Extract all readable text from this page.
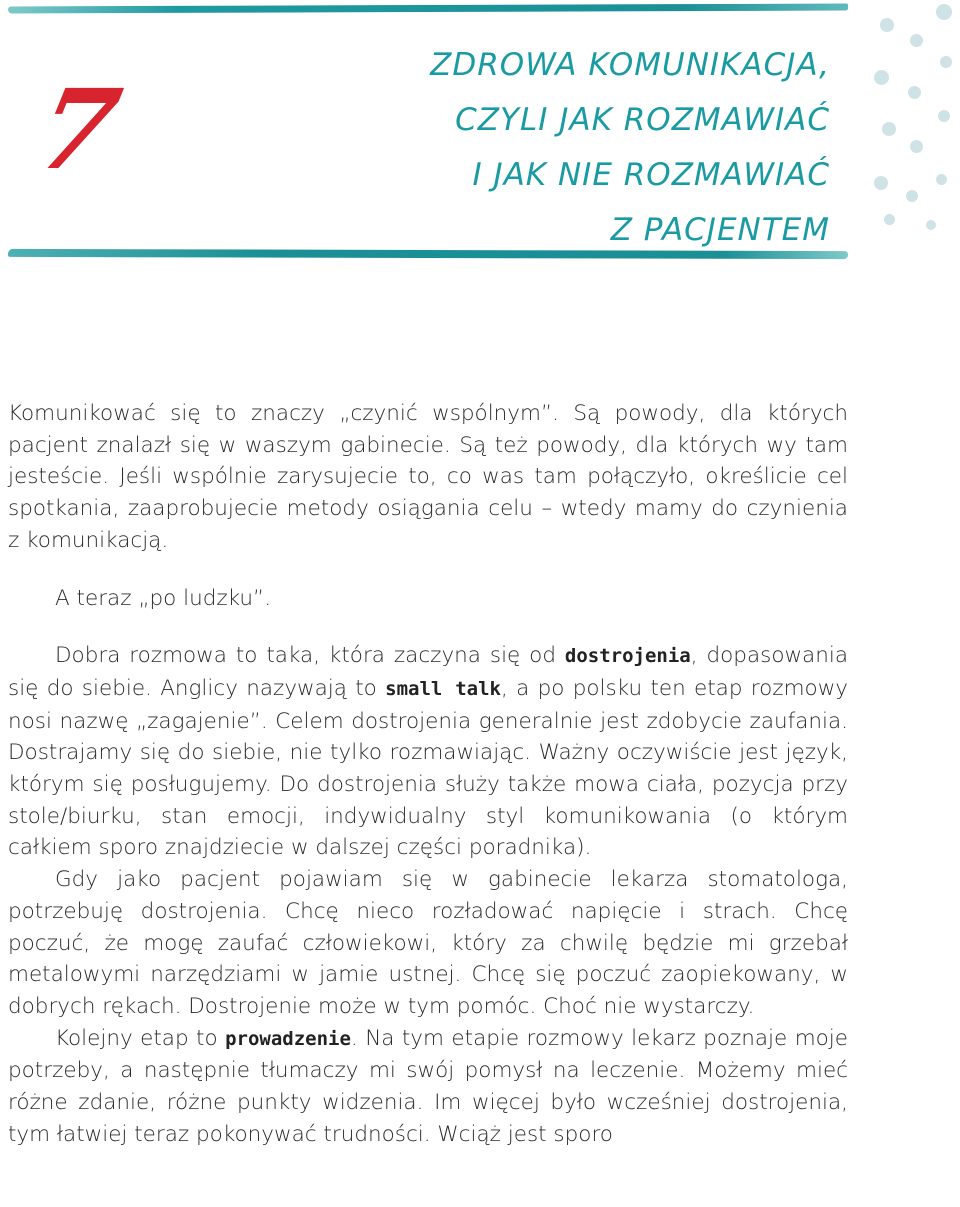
7	ZDROWA KOMUNIKACJA,
CZYLI JAK ROZMAWIAĆ
I JAK NIE ROZMAWIAĆ
Z PACJENTEM

Komunikować się to znaczy „czynić wspólnym”. Są powody, dla których pacjent znalazł się w waszym gabinecie. Są też powody, dla których wy tam jesteście. Jeśli wspólnie zarysujecie to, co was tam połączyło, określicie cel spotkania, zaaprobujecie metody osiągania celu – wtedy mamy do czynienia z komunikacją.

A teraz „po ludzku”.

Dobra rozmowa to taka, która zaczyna się od dostrojenia, dopasowania się do siebie. Anglicy nazywają to small talk, a po polsku ten etap rozmowy nosi nazwę „zagajenie”. Celem dostrojenia generalnie jest zdobycie zaufania. Dostrajamy się do siebie, nie tylko rozmawiając. Ważny oczywiście jest język, którym się posługujemy. Do dostrojenia służy także mowa ciała, pozycja przy stole/biurku, stan emocji, indywidualny styl komunikowania (o którym całkiem sporo znajdziecie w dalszej części poradnika).

Gdy jako pacjent pojawiam się w gabinecie lekarza stomatologa, potrzebuję dostrojenia. Chcę nieco rozładować napięcie i strach. Chcę poczuć, że mogę zaufać człowiekowi, który za chwilę będzie mi grzebał metalowymi narzędziami w jamie ustnej. Chcę się poczuć zaopiekowany, w dobrych rękach. Dostrojenie może w tym pomóc. Choć nie wystarczy.

Kolejny etap to prowadzenie. Na tym etapie rozmowy lekarz poznaje moje potrzeby, a następnie tłumaczy mi swój pomysł na leczenie. Możemy mieć różne zdanie, różne punkty widzenia. Im więcej było wcześniej dostrojenia, tym łatwiej teraz pokonywać trudności. Wciąż jest sporo
